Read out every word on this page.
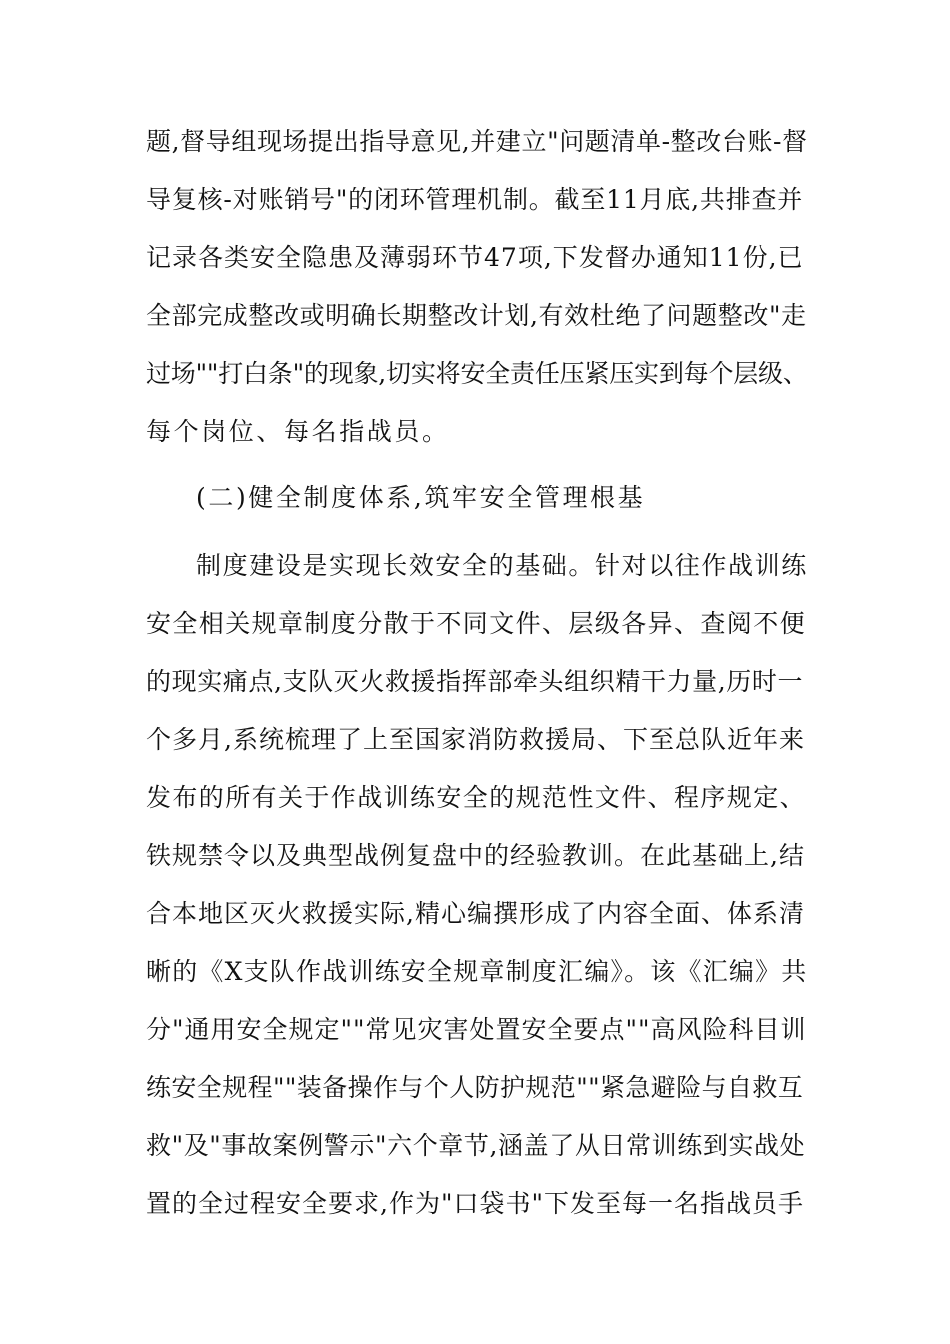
题,督导组现场提出指导意见,并建立"问题清单-整改台账-督
导复核-对账销号"的闭环管理机制。截至11月底,共排查并
记录各类安全隐患及薄弱环节47项,下发督办通知11份,已
全部完成整改或明确长期整改计划,有效杜绝了问题整改"走
过场""打白条"的现象,切实将安全责任压紧压实到每个层级、
每个岗位、每名指战员。
(二)健全制度体系,筑牢安全管理根基
制度建设是实现长效安全的基础。针对以往作战训练
安全相关规章制度分散于不同文件、层级各异、查阅不便
的现实痛点,支队灭火救援指挥部牵头组织精干力量,历时一
个多月,系统梳理了上至国家消防救援局、下至总队近年来
发布的所有关于作战训练安全的规范性文件、程序规定、
铁规禁令以及典型战例复盘中的经验教训。在此基础上,结
合本地区灭火救援实际,精心编撰形成了内容全面、体系清
晰的《X支队作战训练安全规章制度汇编》。该《汇编》共
分"通用安全规定""常见灾害处置安全要点""高风险科目训
练安全规程""装备操作与个人防护规范""紧急避险与自救互
救"及"事故案例警示"六个章节,涵盖了从日常训练到实战处
置的全过程安全要求,作为"口袋书"下发至每一名指战员手
